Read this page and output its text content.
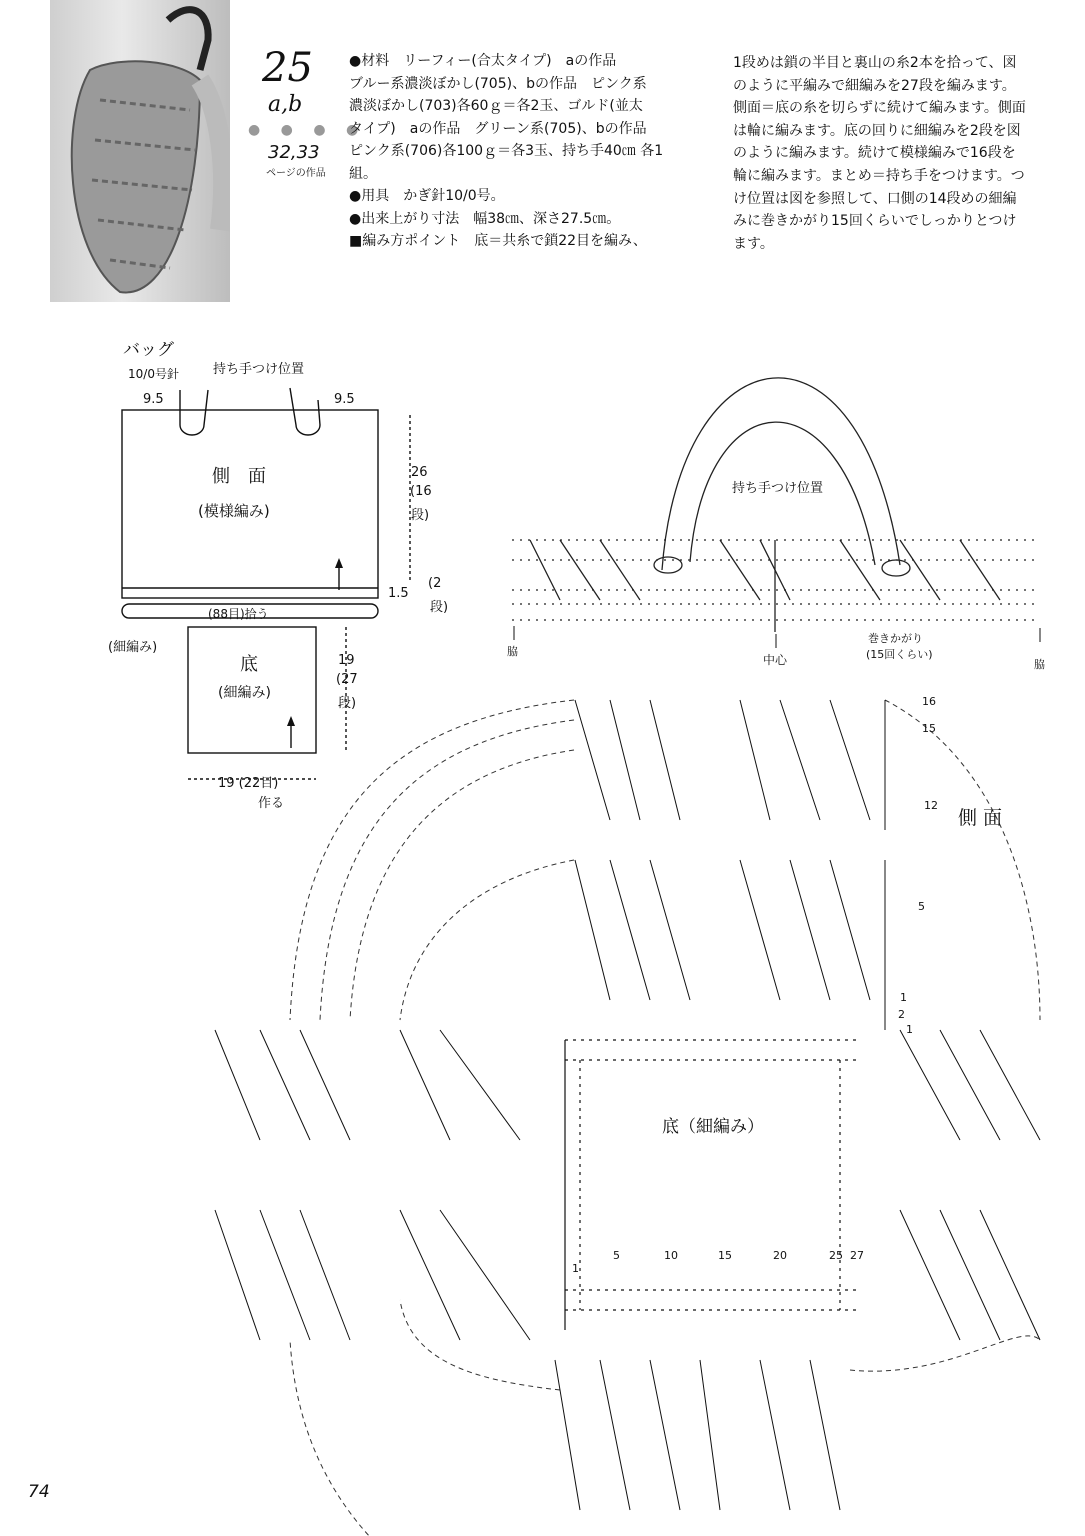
25
a,b
● ● ● ●
32,33
ページの作品

●材料　リーフィー(合太タイプ)　aの作品

ブルー系濃淡ぼかし(705)、bの作品　ピンク系

濃淡ぼかし(703)各60ｇ＝各2玉、ゴルド(並太

タイプ)　aの作品　グリーン系(705)、bの作品

ピンク系(706)各100ｇ＝各3玉、持ち手40㎝ 各1

組。

●用具　かぎ針10/0号。

●出来上がり寸法　幅38㎝、深さ27.5㎝。

■編み方ポイント　底＝共糸で鎖22目を編み、

1段めは鎖の半目と裏山の糸2本を拾って、図
のように平編みで細編みを27段を編みます。
側面＝底の糸を切らずに続けて編みます。側面
は輪に編みます。底の回りに細編みを2段を図
のように編みます。続けて模様編みで16段を
輪に編みます。まとめ＝持ち手をつけます。つ
け位置は図を参照して、口側の14段めの細編
みに巻きかがり15回くらいでしっかりとつけ
ます。
バッグ
10/0号針	持ち手つけ位置
9.5	9.5
側　面
(模様編み)
26
(16
段)
1.5
(2
段)
(88目)拾う
(細編み)
底
(細編み)
19
(27
段)
19 (22目)
作る
持ち手つけ位置
脇
中心
巻きかがり
(15回くらい)
脇
側 面
底（細編み）
16
15
12
5
1
2
1
5	10	15	20	25 27
1
74
